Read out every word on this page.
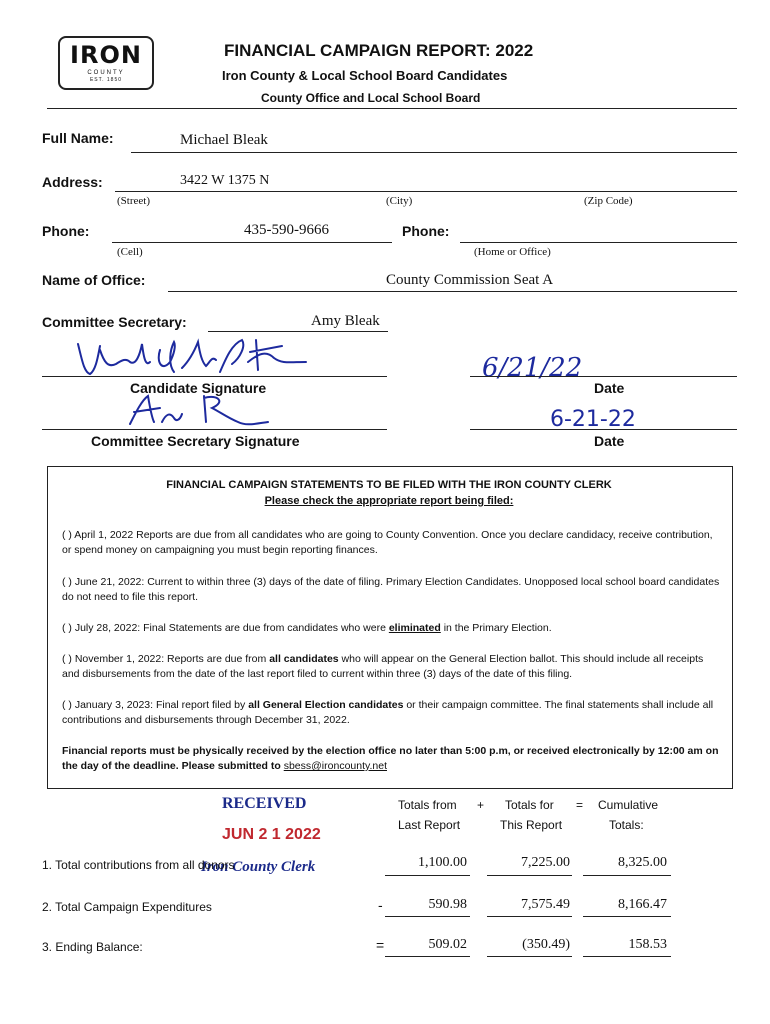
IRON
COUNTY
EST. 1850
FINANCIAL CAMPAIGN REPORT: 2022
Iron County & Local School Board Candidates
County Office and Local School Board
Full Name:	Michael Bleak
Address:	3422 W 1375 N
(Street)	(City)	(Zip Code)
Phone:	435-590-9666	Phone:
(Cell)	(Home or Office)
Name of Office:	County Commission Seat A
Committee Secretary:	Amy Bleak
Candidate Signature
6/21/22
Date
Committee Secretary Signature
6-21-22
Date
FINANCIAL CAMPAIGN STATEMENTS TO BE FILED WITH THE IRON COUNTY CLERK
Please check the appropriate report being filed:
( ) April 1, 2022 Reports are due from all candidates who are going to County Convention. Once you declare candidacy, receive contribution, or spend money on campaigning you must begin reporting finances.
( ) June 21, 2022: Current to within three (3) days of the date of filing. Primary Election Candidates. Unopposed local school board candidates do not need to file this report.
( ) July 28, 2022: Final Statements are due from candidates who were eliminated in the Primary Election.
( ) November 1, 2022: Reports are due from all candidates who will appear on the General Election ballot. This should include all receipts and disbursements from the date of the last report filed to current within three (3) days of the date of this filing.
( ) January 3, 2023: Final report filed by all General Election candidates or their campaign committee. The final statements shall include all contributions and disbursements through December 31, 2022.
Financial reports must be physically received by the election office no later than 5:00 p.m, or received electronically by 12:00 am on the day of the deadline. Please submitted to sbess@ironcounty.net
RECEIVED
JUN 2 1 2022
Iron County Clerk
Totals from
Last Report
+ Totals for
This Report
= Cumulative
Totals:
1. Total contributions from all donors	1,100.00	7,225.00	8,325.00
2. Total Campaign Expenditures	-	590.98	7,575.49	8,166.47
3. Ending Balance:	=	509.02	(350.49)	158.53
